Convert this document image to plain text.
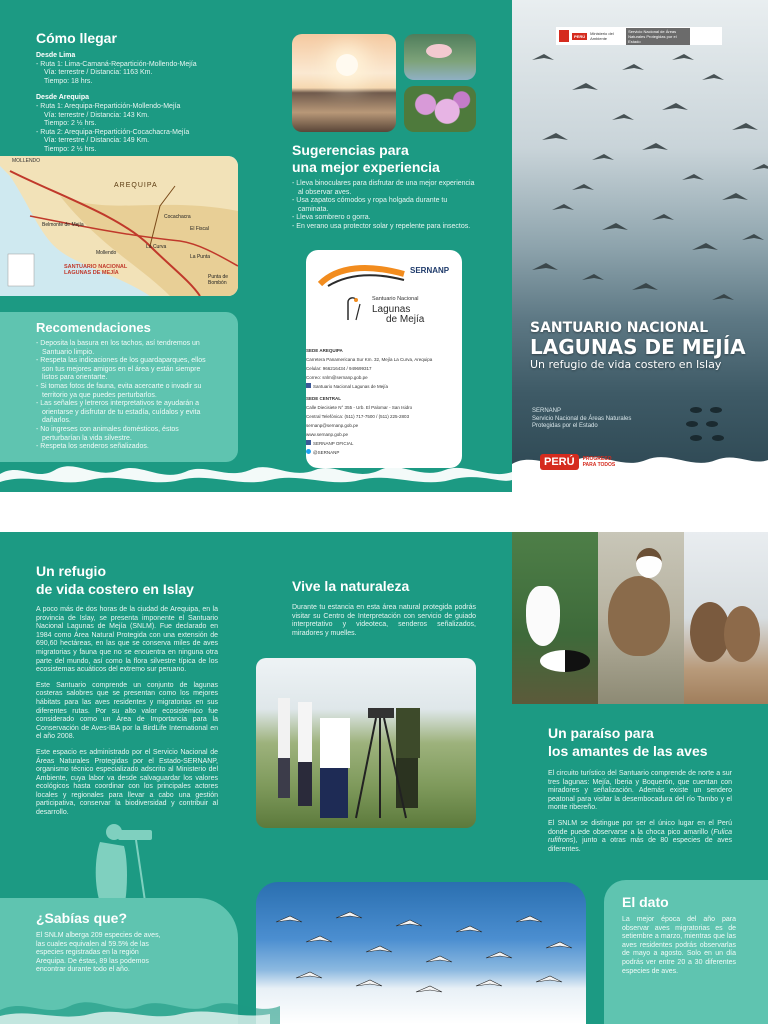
Cómo llegar
Desde Lima
- Ruta 1: Lima-Camaná-Repartición-Mollendo-Mejía
Vía: terrestre / Distancia: 1163 Km.
Tiempo: 18 hrs.
Desde Arequipa
- Ruta 1: Arequipa-Repartición-Mollendo-Mejía
Vía: terrestre / Distancia: 143 Km.
Tiempo: 2 ½ hrs.
- Ruta 2: Arequipa-Repartición-Cocachacra-Mejía
Vía: terrestre / Distancia: 149 Km.
Tiempo: 2 ½ hrs.
MOLLENDO
AREQUIPA
Belmonte de Mejía
Cocachacra
La Curva
Mollendo
El Fiscal
La Punta
SANTUARIO NACIONAL LAGUNAS DE MEJÍA
Punta de Bombón
Recomendaciones
- Deposita la basura en los tachos, así tendremos un Santuario limpio.
- Respeta las indicaciones de los guardaparques, ellos son tus mejores amigos en el área y están siempre listos para orientarte.
- Si tomas fotos de fauna, evita acercarte o invadir su territorio ya que puedes perturbarlos.
- Las señales y letreros interpretativos te ayudarán a orientarse y disfrutar de tu estadía, cuídalos y evita dañarlos.
- No ingreses con animales domésticos, éstos perturbarían la vida silvestre.
- Respeta los senderos señalizados.
Sugerencias para
una mejor experiencia
- Lleva binoculares para disfrutar de una mejor experiencia al observar aves.
- Usa zapatos cómodos y ropa holgada durante tu caminata.
- Lleva sombrero o gorra.
- En verano usa protector solar y repelente para insectos.
SERNANP
Santuario Nacional
Lagunas
de Mejía
SEDE AREQUIPA
Carretera Panamericana Sur Km. 32, Mejía La Curva, Arequipa
Celular: 966216434 / 949699317
Correo: snlm@sernanp.gob.pe
Santuario Nacional Lagunas de Mejía
SEDE CENTRAL
Calle Diecisiete N° 355 - Urb. El Palomar - San Isidro
Central Telefónica: (511) 717-7500 / (511) 225-2803
sernanp@sernanp.gob.pe
www.sernanp.gob.pe
SERNANP OFICIAL
@SERNANP
PERÚ	Ministerio del Ambiente
Servicio Nacional de Áreas Naturales Protegidas por el Estado
SANTUARIO NACIONAL
LAGUNAS DE MEJÍA
Un refugio de vida costero en Islay
SERNANP
Servicio Nacional de Áreas Naturales
Protegidas por el Estado
PERÚ	PROGRESO PARA TODOS
Un refugio
de vida costero en Islay

A poco más de dos horas de la ciudad de Arequipa, en la provincia de Islay, se presenta imponente el Santuario Nacional Lagunas de Mejía (SNLM). Fue declarado en 1984 como Área Natural Protegida con una extensión de 690,60 hectáreas, en las que se conserva miles de aves migratorias y fauna que no se encuentra en ninguna otra parte del mundo, así como la flora silvestre típica de los ecosistemas acuáticos del extremo sur peruano.

Este Santuario comprende un conjunto de lagunas costeras salobres que se presentan como los mejores hábitats para las aves residentes y migratorias en sus diferentes rutas. Por su alto valor ecosistémico fue considerado como un Área de Importancia para la Conservación de Aves-IBA por la BirdLife International en el año 2008.

Este espacio es administrado por el Servicio Nacional de Áreas Naturales Protegidas por el Estado-SERNANP, organismo técnico especializado adscrito al Ministerio del Ambiente, cuya labor va desde salvaguardar los valores ecológicos hasta coordinar con los principales actores locales y regionales para llevar a cabo una gestión participativa, conservar la biodiversidad y contribuir al desarrollo.

¿Sabías que?
El SNLM alberga 209 especies de aves, las cuales equivalen al 59.5% de las especies registradas en la región Arequipa. De éstas, 89 las podemos encontrar durante todo el año.
Vive la naturaleza
Durante tu estancia en esta área natural protegida podrás visitar su Centro de Interpretación con servicio de guiado interpretativo y videoteca, senderos señalizados, miradores y muelles.
Un paraíso para
los amantes de las aves

El circuito turístico del Santuario comprende de norte a sur tres lagunas: Mejía, Iberia y Boquerón, que cuentan con miradores y señalización. Además existe un sendero peatonal para visitar la desembocadura del río Tambo y el monte ribereño.

El SNLM se distingue por ser el único lugar en el Perú donde puede observarse a la choca pico amarillo (Fulica rufifrons), junto a otras más de 80 especies de aves diferentes.

El dato
La mejor época del año para observar aves migratorias es de setiembre a marzo, mientras que las aves residentes podrás observarlas de mayo a agosto. Solo en un día podrás ver entre 20 a 30 diferentes especies de aves.
